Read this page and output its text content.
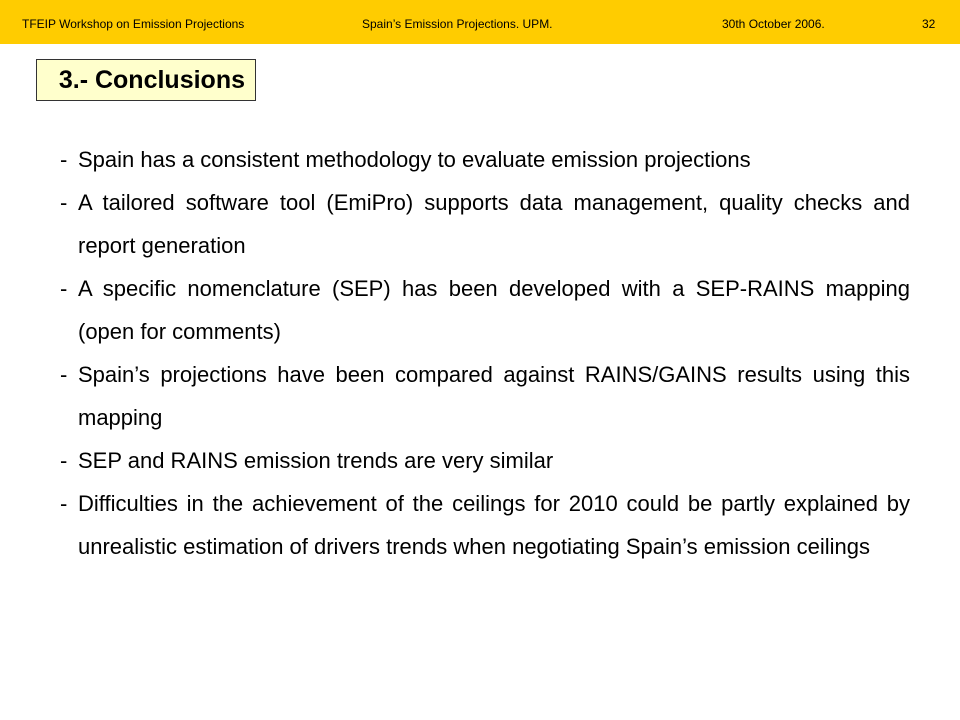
TFEIP Workshop on Emission Projections	Spain’s Emission Projections. UPM.	30th October 2006.	32
3.- Conclusions
- Spain has a consistent methodology to evaluate emission projections
- A tailored software tool (EmiPro) supports data management, quality checks and report generation
- A specific nomenclature (SEP) has been developed with a SEP-RAINS mapping (open for comments)
- Spain’s projections have been compared against RAINS/GAINS results using this mapping
- SEP and RAINS emission trends are very similar
- Difficulties in the achievement of the ceilings for 2010 could be partly explained by unrealistic estimation of drivers trends when negotiating Spain’s emission ceilings
